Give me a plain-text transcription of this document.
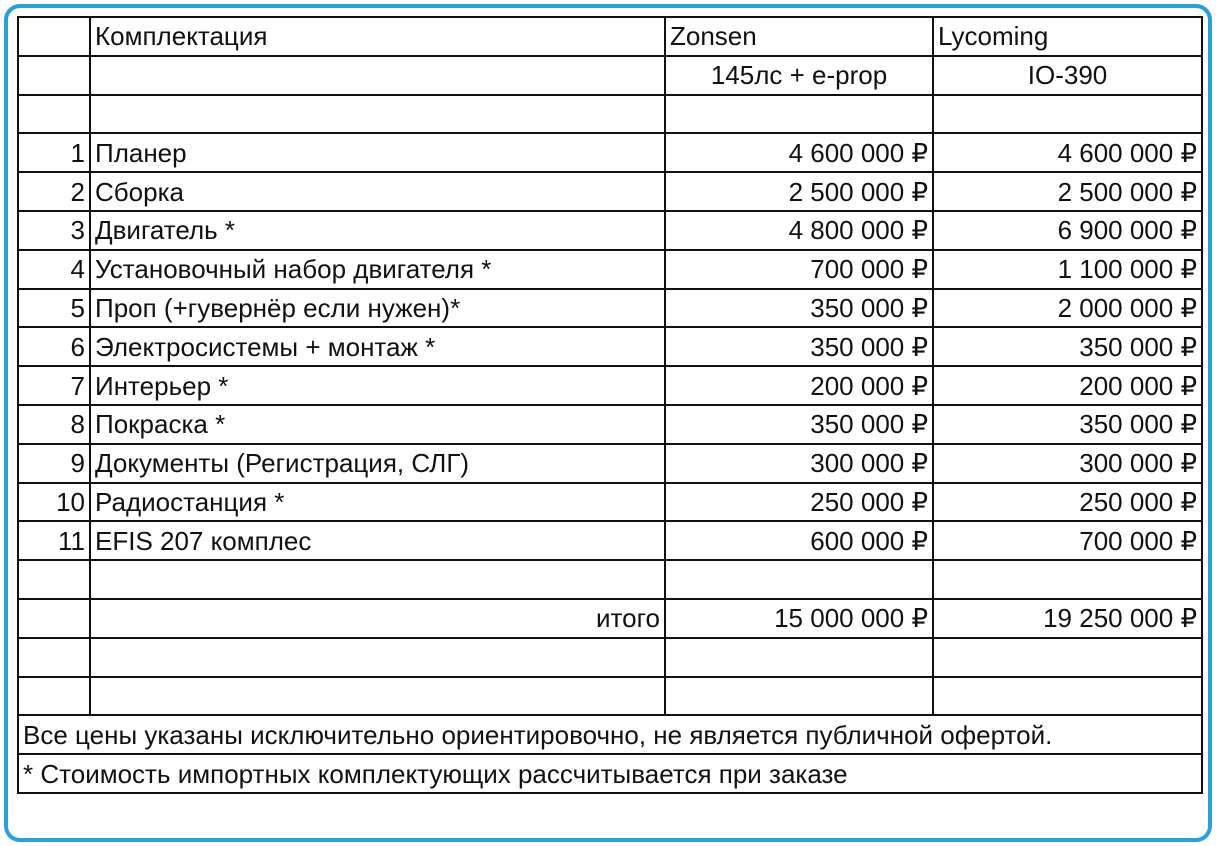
	Комплектация	Zonsen	Lycoming
		145лс + e-prop	IO-390

1	Планер	4 600 000 ₽	4 600 000 ₽
2	Сборка	2 500 000 ₽	2 500 000 ₽
3	Двигатель *	4 800 000 ₽	6 900 000 ₽
4	Установочный набор двигателя *	700 000 ₽	1 100 000 ₽
5	Проп (+гувернёр если нужен)*	350 000 ₽	2 000 000 ₽
6	Электросистемы + монтаж *	350 000 ₽	350 000 ₽
7	Интерьер *	200 000 ₽	200 000 ₽
8	Покраска *	350 000 ₽	350 000 ₽
9	Документы (Регистрация, СЛГ)	300 000 ₽	300 000 ₽
10	Радиостанция *	250 000 ₽	250 000 ₽
11	EFIS 207 комплес	600 000 ₽	700 000 ₽

	итого	15 000 000 ₽	19 250 000 ₽

Все цены указаны исключительно ориентировочно, не является публичной офертой.			
* Стоимость импортных комплектующих рассчитывается при заказе			
